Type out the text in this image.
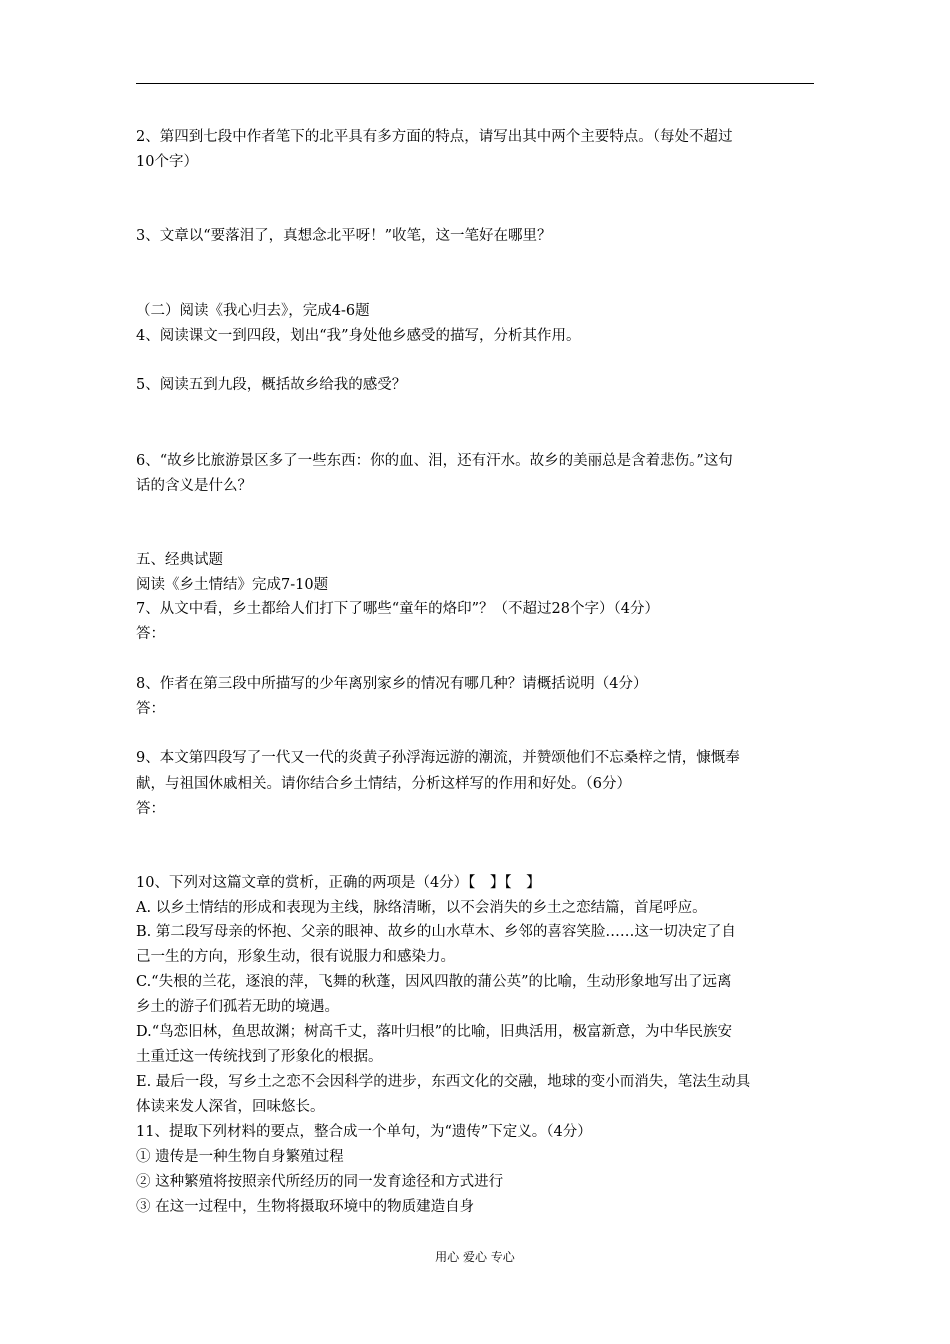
2、第四到七段中作者笔下的北平具有多方面的特点，请写出其中两个主要特点。（每处不超过
10个字）
3、文章以“要落泪了，真想念北平呀！”收笔，这一笔好在哪里？
（二）阅读《我心归去》，完成4-6题
4、阅读课文一到四段，划出“我”身处他乡感受的描写，分析其作用。
5、阅读五到九段，概括故乡给我的感受？
6、“故乡比旅游景区多了一些东西：你的血、泪，还有汗水。故乡的美丽总是含着悲伤。”这句
话的含义是什么？
五、经典试题
阅读《乡土情结》完成7-10题
7、从文中看，乡土都给人们打下了哪些“童年的烙印”？（不超过28个字）（4分）
答：
8、作者在第三段中所描写的少年离别家乡的情况有哪几种？请概括说明（4分）
答：
9、本文第四段写了一代又一代的炎黄子孙浮海远游的潮流，并赞颂他们不忘桑梓之情，慷慨奉
献，与祖国休戚相关。请你结合乡土情结，分析这样写的作用和好处。（6分）
答：
10、下列对这篇文章的赏析，正确的两项是（4分）【　】【　】
A. 以乡土情结的形成和表现为主线，脉络清晰，以不会消失的乡土之恋结篇，首尾呼应。
B. 第二段写母亲的怀抱、父亲的眼神、故乡的山水草木、乡邻的喜容笑脸……这一切决定了自
己一生的方向，形象生动，很有说服力和感染力。
C.“失根的兰花，逐浪的萍，飞舞的秋蓬，因风四散的蒲公英”的比喻，生动形象地写出了远离
乡土的游子们孤若无助的境遇。
D.“鸟恋旧林，鱼思故渊；树高千丈，落叶归根”的比喻，旧典活用，极富新意，为中华民族安
土重迁这一传统找到了形象化的根据。
E. 最后一段，写乡土之恋不会因科学的进步，东西文化的交融，地球的变小而消失，笔法生动具
体读来发人深省，回味悠长。
11、提取下列材料的要点，整合成一个单句，为“遗传”下定义。（4分）
① 遗传是一种生物自身繁殖过程
② 这种繁殖将按照亲代所经历的同一发育途径和方式进行
③ 在这一过程中，生物将摄取环境中的物质建造自身
用心 爱心 专心
